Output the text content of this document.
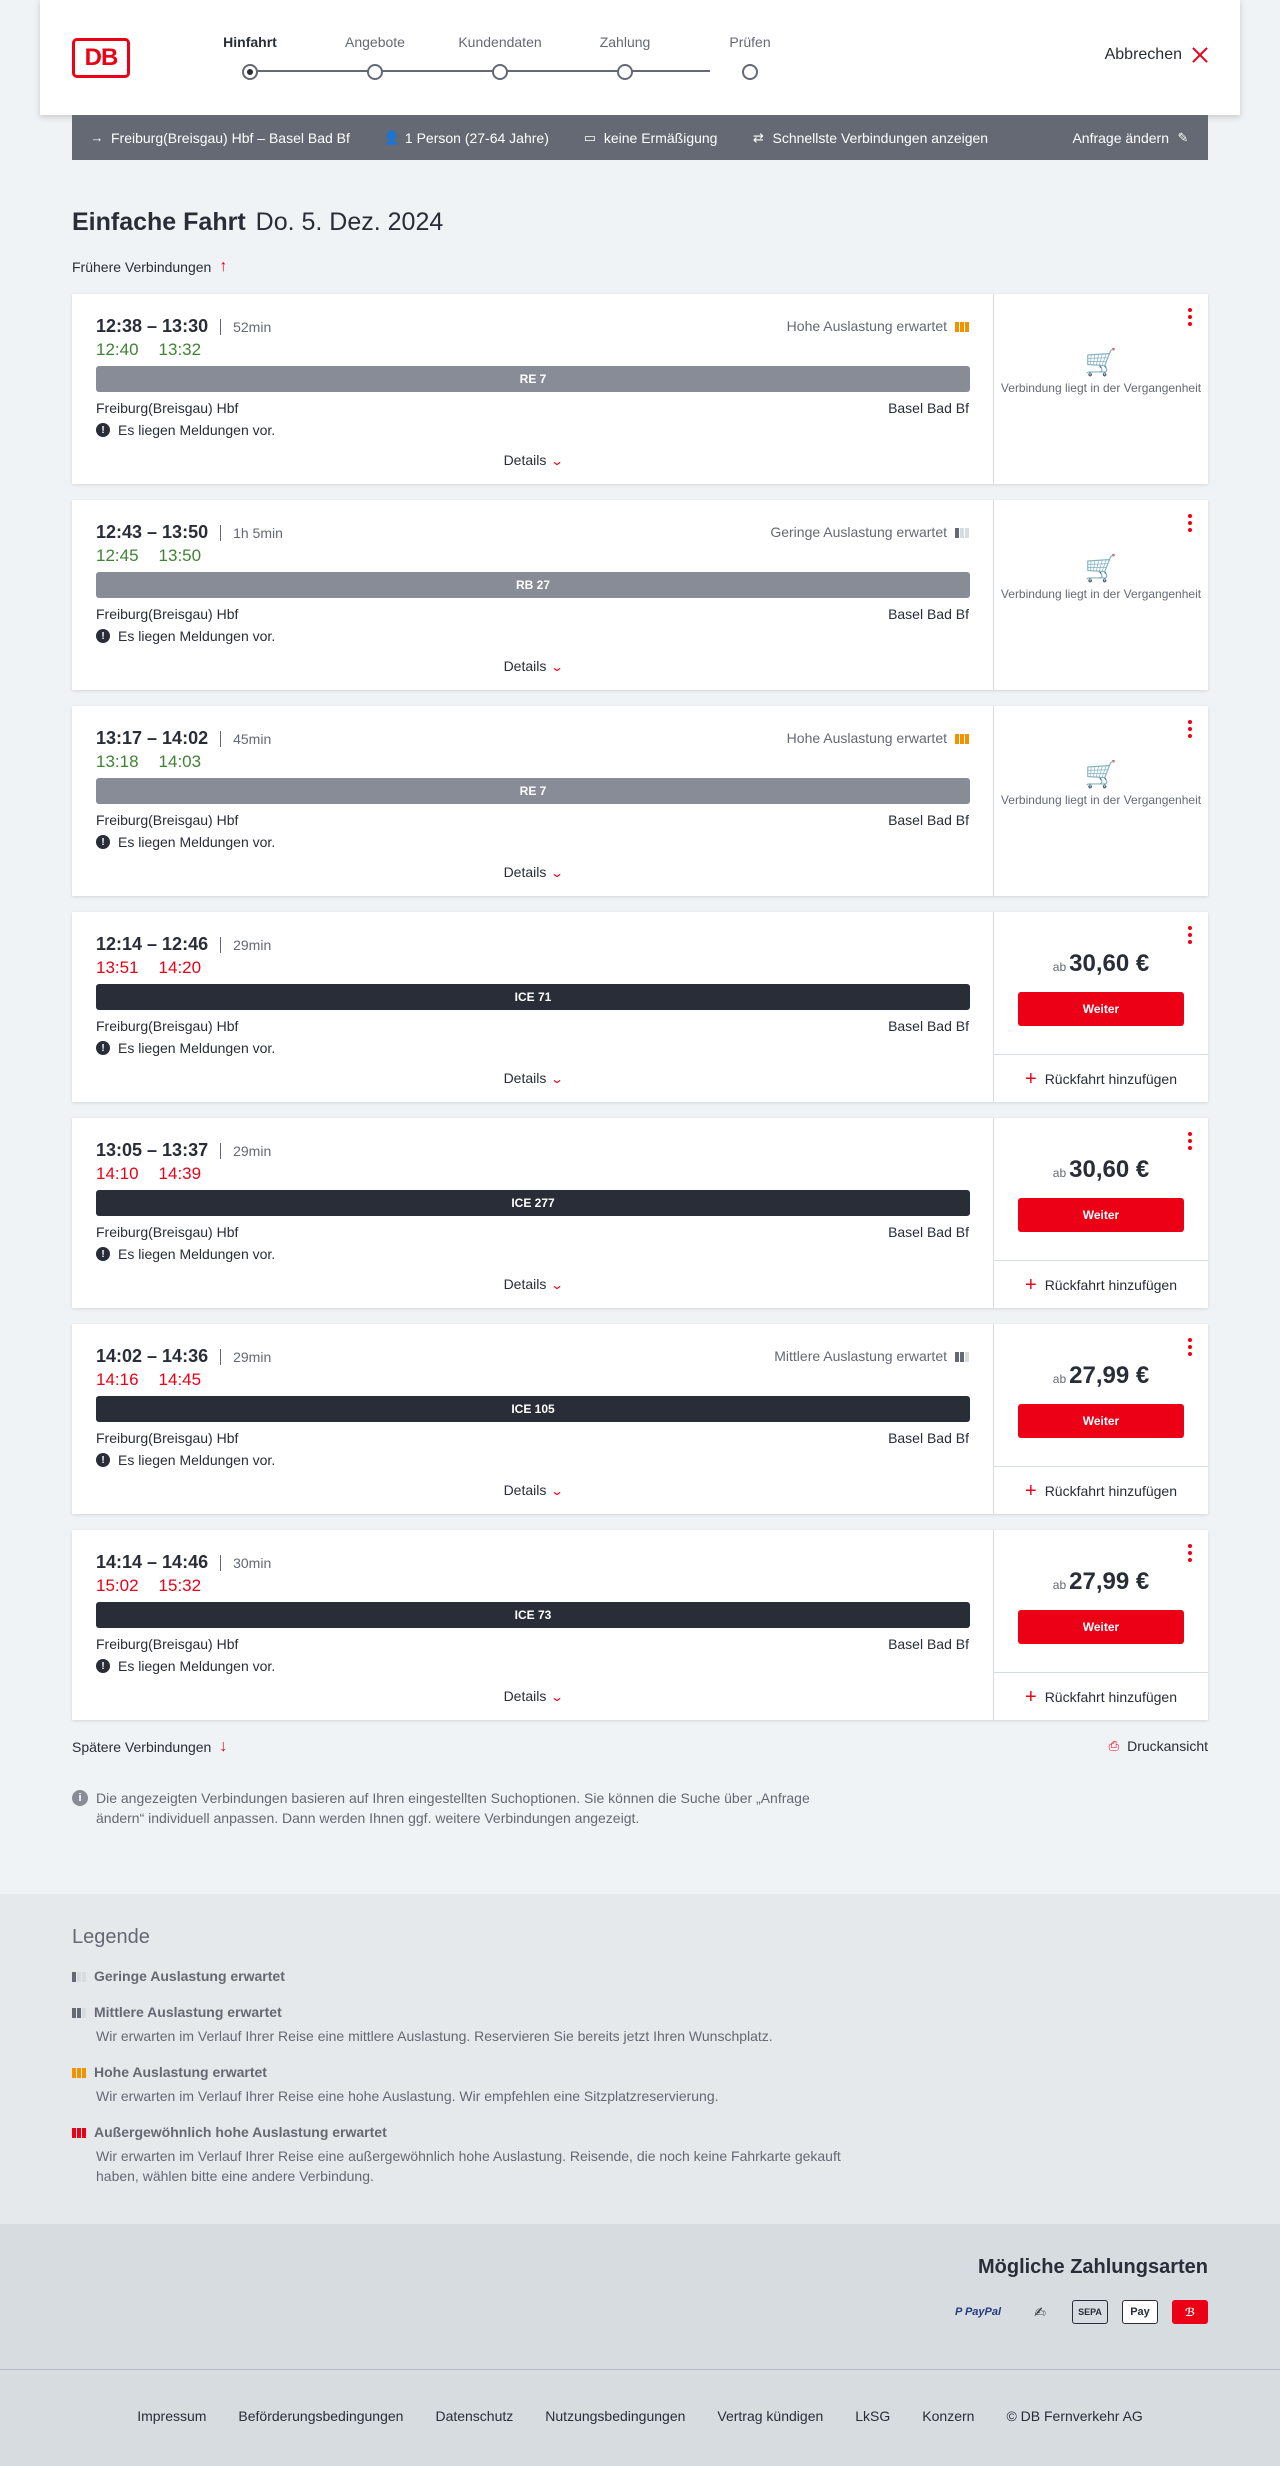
DB
Hinfahrt	Angebote	Kundendaten	Zahlung	Prüfen
Abbrechen
→ Freiburg(Breisgau) Hbf – Basel Bad Bf	👤 1 Person (27-64 Jahre)	▭ keine Ermäßigung	⇄ Schnellste Verbindungen anzeigen	Anfrage ändern ✎
Einfache Fahrt Do. 5. Dez. 2024
Frühere Verbindungen ↑
12:38 – 13:30 52min
12:40 13:32
Hohe Auslastung erwartet
RE 7
Freiburg(Breisgau) Hbf	Basel Bad Bf
! Es liegen Meldungen vor.
Details ⌄
🛒
Verbindung liegt in der Vergangenheit
12:43 – 13:50 1h 5min
12:45 13:50
Geringe Auslastung erwartet
RB 27
Freiburg(Breisgau) Hbf	Basel Bad Bf
! Es liegen Meldungen vor.
Details ⌄
🛒
Verbindung liegt in der Vergangenheit
13:17 – 14:02 45min
13:18 14:03
Hohe Auslastung erwartet
RE 7
Freiburg(Breisgau) Hbf	Basel Bad Bf
! Es liegen Meldungen vor.
Details ⌄
🛒
Verbindung liegt in der Vergangenheit
12:14 – 12:46 29min
13:51 14:20
ICE 71
Freiburg(Breisgau) Hbf	Basel Bad Bf
! Es liegen Meldungen vor.
Details ⌄
ab 30,60 €
Weiter
+ Rückfahrt hinzufügen
13:05 – 13:37 29min
14:10 14:39
ICE 277
Freiburg(Breisgau) Hbf	Basel Bad Bf
! Es liegen Meldungen vor.
Details ⌄
ab 30,60 €
Weiter
+ Rückfahrt hinzufügen
14:02 – 14:36 29min
14:16 14:45
Mittlere Auslastung erwartet
ICE 105
Freiburg(Breisgau) Hbf	Basel Bad Bf
! Es liegen Meldungen vor.
Details ⌄
ab 27,99 €
Weiter
+ Rückfahrt hinzufügen
14:14 – 14:46 30min
15:02 15:32
ICE 73
Freiburg(Breisgau) Hbf	Basel Bad Bf
! Es liegen Meldungen vor.
Details ⌄
ab 27,99 €
Weiter
+ Rückfahrt hinzufügen
Spätere Verbindungen ↓	⎙ Druckansicht
i	Die angezeigten Verbindungen basieren auf Ihren eingestellten Suchoptionen. Sie können die Suche über „Anfrage ändern“ individuell anpassen. Dann werden Ihnen ggf. weitere Verbindungen angezeigt.
Legende
Geringe Auslastung erwartet
Mittlere Auslastung erwartet
Wir erwarten im Verlauf Ihrer Reise eine mittlere Auslastung. Reservieren Sie bereits jetzt Ihren Wunschplatz.
Hohe Auslastung erwartet
Wir erwarten im Verlauf Ihrer Reise eine hohe Auslastung. Wir empfehlen eine Sitzplatzreservierung.
Außergewöhnlich hohe Auslastung erwartet
Wir erwarten im Verlauf Ihrer Reise eine außergewöhnlich hohe Auslastung. Reisende, die noch keine Fahrkarte gekauft haben, wählen bitte eine andere Verbindung.
Mögliche Zahlungsarten
P PayPal	✍	SEPA	Pay	ℬ
Impressum Beförderungsbedingungen Datenschutz Nutzungsbedingungen Vertrag kündigen LkSG Konzern © DB Fernverkehr AG
